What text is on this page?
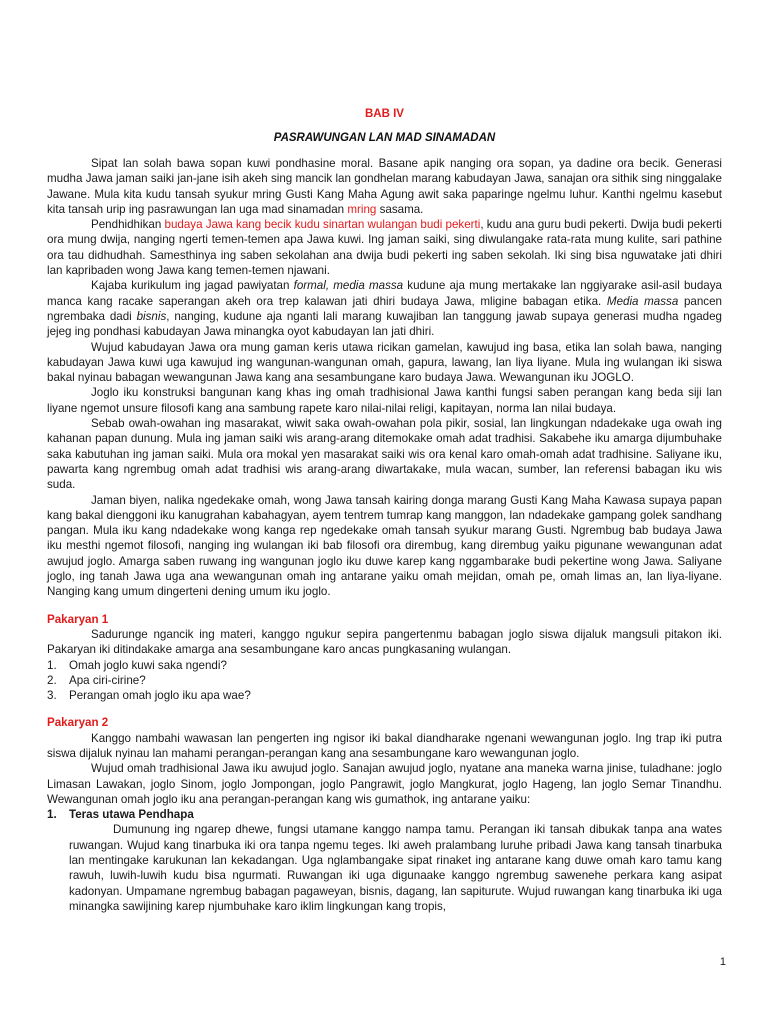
BAB IV
PASRAWUNGAN LAN MAD SINAMADAN

Sipat lan solah bawa sopan kuwi pondhasine moral. Basane apik nanging ora sopan, ya dadine ora becik. Generasi mudha Jawa jaman saiki jan-jane isih akeh sing mancik lan gondhelan marang kabudayan Jawa, sanajan ora sithik sing ninggalake Jawane. Mula kita kudu tansah syukur mring Gusti Kang Maha Agung awit saka paparinge ngelmu luhur. Kanthi ngelmu kasebut kita tansah urip ing pasrawungan lan uga mad sinamadan mring sasama.

Pendhidhikan budaya Jawa kang becik kudu sinartan wulangan budi pekerti, kudu ana guru budi pekerti. Dwija budi pekerti ora mung dwija, nanging ngerti temen-temen apa Jawa kuwi. Ing jaman saiki, sing diwulangake rata-rata mung kulite, sari pathine ora tau didhudhah. Samesthinya ing saben sekolahan ana dwija budi pekerti ing saben sekolah. Iki sing bisa nguwatake jati dhiri lan kapribaden wong Jawa kang temen-temen njawani.

Kajaba kurikulum ing jagad pawiyatan formal, media massa kudune aja mung mertakake lan nggiyarake asil-asil budaya manca kang racake saperangan akeh ora trep kalawan jati dhiri budaya Jawa, mligine babagan etika. Media massa pancen ngrembaka dadi bisnis, nanging, kudune aja nganti lali marang kuwajiban lan tanggung jawab supaya generasi mudha ngadeg jejeg ing pondhasi kabudayan Jawa minangka oyot kabudayan lan jati dhiri.

Wujud kabudayan Jawa ora mung gaman keris utawa ricikan gamelan, kawujud ing basa, etika lan solah bawa, nanging kabudayan Jawa kuwi uga kawujud ing wangunan-wangunan omah, gapura, lawang, lan liya liyane. Mula ing wulangan iki siswa bakal nyinau babagan wewangunan Jawa kang ana sesambungane karo budaya Jawa. Wewangunan iku JOGLO.

Joglo iku konstruksi bangunan kang khas ing omah tradhisional Jawa kanthi fungsi saben perangan kang beda siji lan liyane ngemot unsure filosofi kang ana sambung rapete karo nilai-nilai religi, kapitayan, norma lan nilai budaya.

Sebab owah-owahan ing masarakat, wiwit saka owah-owahan pola pikir, sosial, lan lingkungan ndadekake uga owah ing kahanan papan dunung. Mula ing jaman saiki wis arang-arang ditemokake omah adat tradhisi. Sakabehe iku amarga dijumbuhake saka kabutuhan ing jaman saiki. Mula ora mokal yen masarakat saiki wis ora kenal karo omah-omah adat tradhisine. Saliyane iku, pawarta kang ngrembug omah adat tradhisi wis arang-arang diwartakake, mula wacan, sumber, lan referensi babagan iku wis suda.

Jaman biyen, nalika ngedekake omah, wong Jawa tansah kairing donga marang Gusti Kang Maha Kawasa supaya papan kang bakal dienggoni iku kanugrahan kabahagyan, ayem tentrem tumrap kang manggon, lan ndadekake gampang golek sandhang pangan. Mula iku kang ndadekake wong kanga rep ngedekake omah tansah syukur marang Gusti. Ngrembug bab budaya Jawa iku mesthi ngemot filosofi, nanging ing wulangan iki bab filosofi ora dirembug, kang dirembug yaiku pigunane wewangunan adat awujud joglo. Amarga saben ruwang ing wangunan joglo iku duwe karep kang nggambarake budi pekertine wong Jawa. Saliyane joglo, ing tanah Jawa uga ana wewangunan omah ing antarane yaiku omah mejidan, omah pe, omah limas an, lan liya-liyane. Nanging kang umum dingerteni dening umum iku joglo.

Pakaryan 1

Sadurunge ngancik ing materi, kanggo ngukur sepira pangertenmu babagan joglo siswa dijaluk mangsuli pitakon iki. Pakaryan iki ditindakake amarga ana sesambungane karo ancas pungkasaning wulangan.

1.	Omah joglo kuwi saka ngendi?
2.	Apa ciri-cirine?
3.	Perangan omah joglo iku apa wae?
Pakaryan 2

Kanggo nambahi wawasan lan pengerten ing ngisor iki bakal diandharake ngenani wewangunan joglo. Ing trap iki putra siswa dijaluk nyinau lan mahami perangan-perangan kang ana sesambungane karo wewangunan joglo.

Wujud omah tradhisional Jawa iku awujud joglo. Sanajan awujud joglo, nyatane ana maneka warna jinise, tuladhane: joglo Limasan Lawakan, joglo Sinom, joglo Jompongan, joglo Pangrawit, joglo Mangkurat, joglo Hageng, lan joglo Semar Tinandhu. Wewangunan omah joglo iku ana perangan-perangan kang wis gumathok, ing antarane yaiku:

1.	Teras utawa Pendhapa

Dumunung ing ngarep dhewe, fungsi utamane kanggo nampa tamu. Perangan iki tansah dibukak tanpa ana wates ruwangan. Wujud kang tinarbuka iki ora tanpa ngemu teges. Iki aweh pralambang luruhe pribadi Jawa kang tansah tinarbuka lan mentingake karukunan lan kekadangan. Uga nglambangake sipat rinaket ing antarane kang duwe omah karo tamu kang rawuh, luwih-luwih kudu bisa ngurmati. Ruwangan iki uga digunaake kanggo ngrembug sawenehe perkara kang asipat kadonyan. Umpamane ngrembug babagan pagaweyan, bisnis, dagang, lan sapiturute. Wujud ruwangan kang tinarbuka iki uga minangka sawijining karep njumbuhake karo iklim lingkungan kang tropis,

1
